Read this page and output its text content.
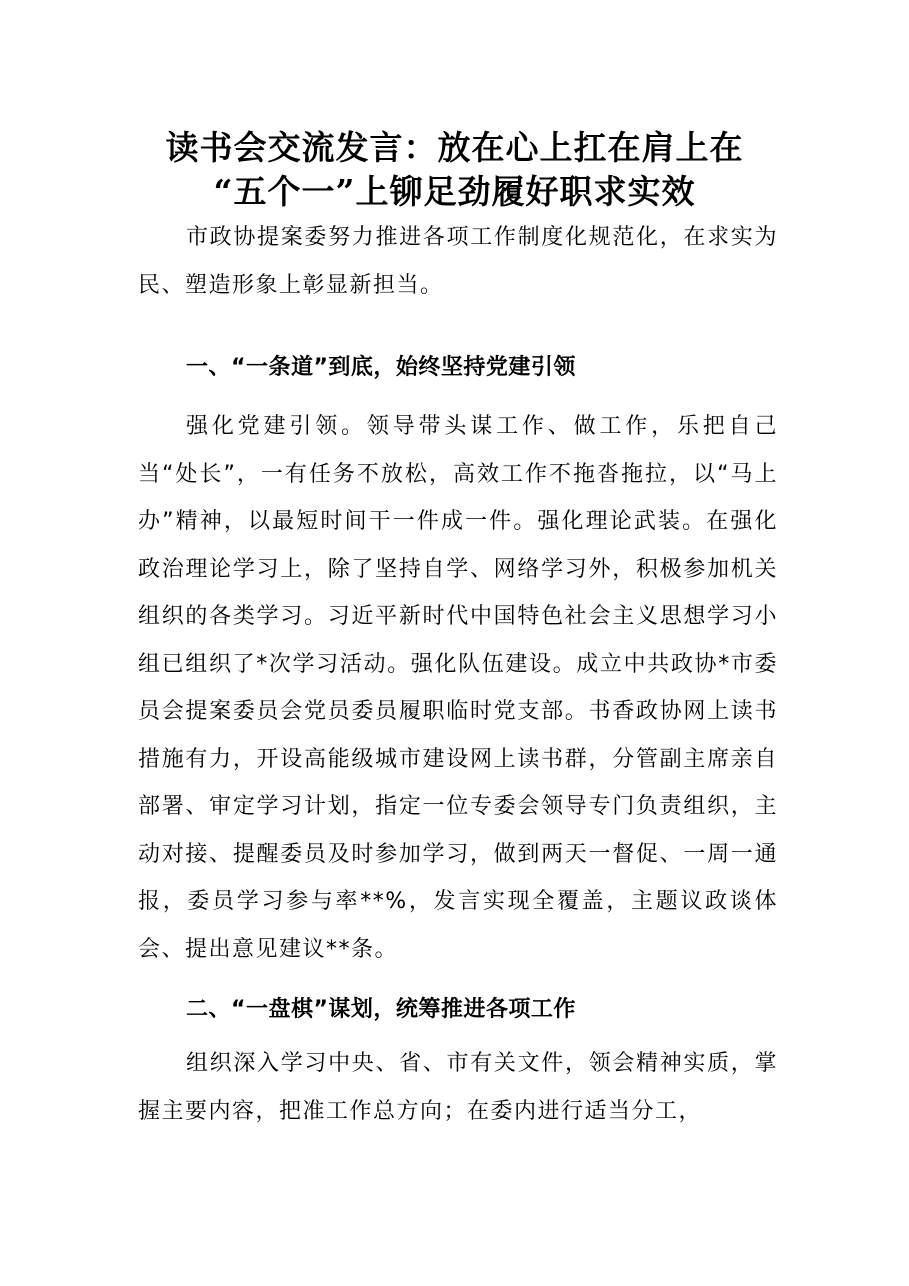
读书会交流发言：放在心上扛在肩上在
“五个一”上铆足劲履好职求实效

市政协提案委努力推进各项工作制度化规范化，在求实为民、塑造形象上彰显新担当。

一、“一条道”到底，始终坚持党建引领

强化党建引领。领导带头谋工作、做工作，乐把自己当“处长”，一有任务不放松，高效工作不拖沓拖拉，以“马上办”精神，以最短时间干一件成一件。强化理论武装。在强化政治理论学习上，除了坚持自学、网络学习外，积极参加机关组织的各类学习。习近平新时代中国特色社会主义思想学习小组已组织了*次学习活动。强化队伍建设。成立中共政协*市委员会提案委员会党员委员履职临时党支部。书香政协网上读书措施有力，开设高能级城市建设网上读书群，分管副主席亲自部署、审定学习计划，指定一位专委会领导专门负责组织，主动对接、提醒委员及时参加学习，做到两天一督促、一周一通报，委员学习参与率**%，发言实现全覆盖，主题议政谈体会、提出意见建议**条。

二、“一盘棋”谋划，统筹推进各项工作

组织深入学习中央、省、市有关文件，领会精神实质，掌握主要内容，把准工作总方向；在委内进行适当分工，
